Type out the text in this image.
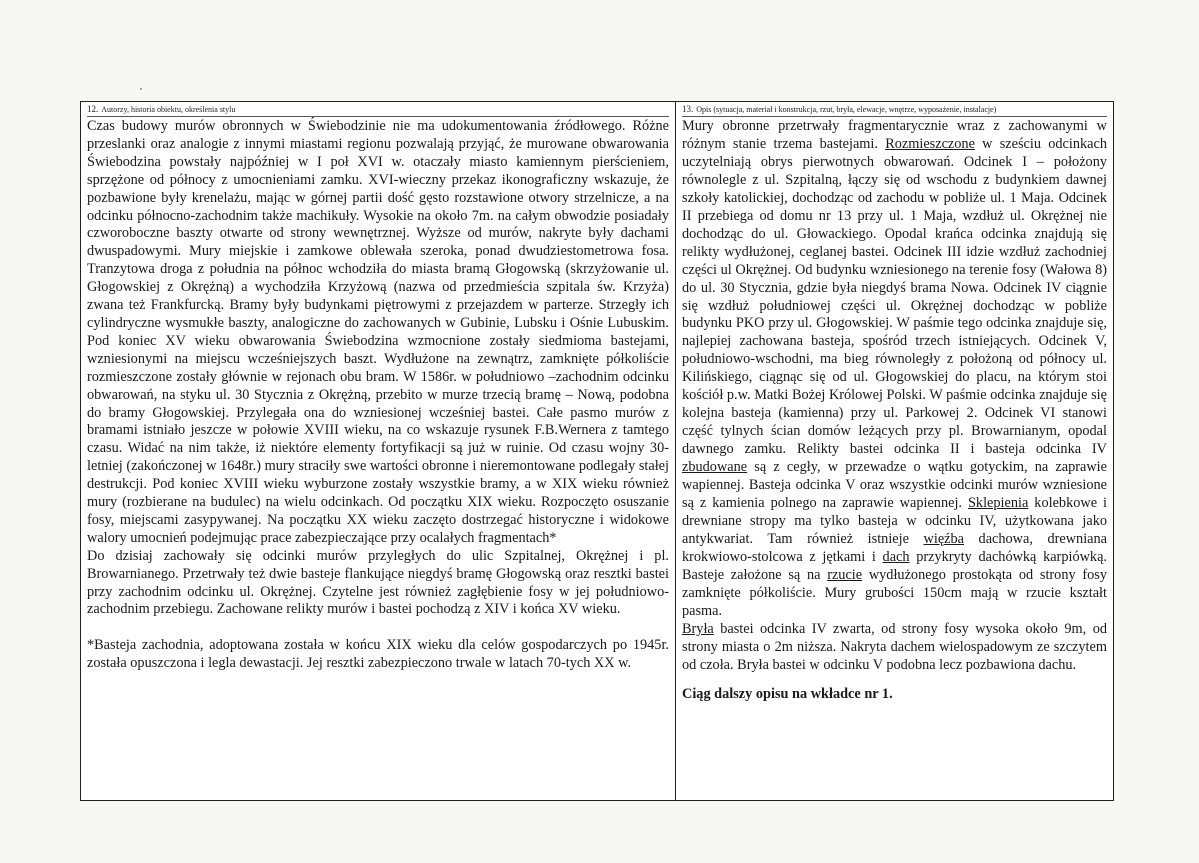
12. Autorzy, historia obiektu, określenia stylu

Czas budowy murów obronnych w Świebodzinie nie ma udokumentowania źródłowego. Różne przeslanki oraz analogie z innymi miastami regionu pozwalają przyjąć, że murowane obwarowania Świebodzina powstały najpóźniej w I poł XVI w. otaczały miasto kamiennym pierścieniem, sprzężone od północy z umocnieniami zamku. XVI-wieczny przekaz ikonograficzny wskazuje, że pozbawione były krenelażu, mając w górnej partii dość gęsto rozstawione otwory strzelnicze, a na odcinku północno-zachodnim także machikuły. Wysokie na około 7m. na całym obwodzie posiadały czworoboczne baszty otwarte od strony wewnętrznej. Wyższe od murów, nakryte były dachami dwuspadowymi. Mury miejskie i zamkowe oblewała szeroka, ponad dwudziestometrowa fosa. Tranzytowa droga z południa na północ wchodziła do miasta bramą Głogowską (skrzyżowanie ul. Głogowskiej z Okrężną) a wychodziła Krzyżową (nazwa od przedmieścia szpitala św. Krzyża) zwana też Frankfurcką. Bramy były budynkami piętrowymi z przejazdem w parterze. Strzegły ich cylindryczne wysmukłe baszty, analogiczne do zachowanych w Gubinie, Lubsku i Ośnie Lubuskim. Pod koniec XV wieku obwarowania Świebodzina wzmocnione zostały siedmioma bastejami, wzniesionymi na miejscu wcześniejszych baszt. Wydłużone na zewnątrz, zamknięte półkoliście rozmieszczone zostały głównie w rejonach obu bram. W 1586r. w południowo –zachodnim odcinku obwarowań, na styku ul. 30 Stycznia z Okrężną, przebito w murze trzecią bramę – Nową, podobna do bramy Głogowskiej. Przylegała ona do wzniesionej wcześniej bastei. Całe pasmo murów z bramami istniało jeszcze w połowie XVIII wieku, na co wskazuje rysunek F.B.Wernera z tamtego czasu. Widać na nim także, iż niektóre elementy fortyfikacji są już w ruinie. Od czasu wojny 30-letniej (zakończonej w 1648r.) mury straciły swe wartości obronne i nieremontowane podlegały stałej destrukcji. Pod koniec XVIII wieku wyburzone zostały wszystkie bramy, a w XIX wieku również mury (rozbierane na budulec) na wielu odcinkach. Od początku XIX wieku. Rozpoczęto osuszanie fosy, miejscami zasypywanej. Na początku XX wieku zaczęto dostrzegać historyczne i widokowe walory umocnień podejmując prace zabezpieczające przy ocalałych fragmentach*

Do dzisiaj zachowały się odcinki murów przyległych do ulic Szpitalnej, Okrężnej i pl. Browarnianego. Przetrwały też dwie basteje flankujące niegdyś bramę Głogowską oraz resztki bastei przy zachodnim odcinku ul. Okrężnej. Czytelne jest również zagłębienie fosy w jej południowo-zachodnim przebiegu. Zachowane relikty murów i bastei pochodzą z XIV i końca XV wieku.

*Basteja zachodnia, adoptowana została w końcu XIX wieku dla celów gospodarczych po 1945r. została opuszczona i legla dewastacji. Jej resztki zabezpieczono trwale w latach 70-tych XX w.

13. Opis (sytuacja, materiał i konstrukcja, rzut, bryła, elewacje, wnętrze, wyposażenie, instalacje)

Mury obronne przetrwały fragmentarycznie wraz z zachowanymi w różnym stanie trzema bastejami. Rozmieszczone w sześciu odcinkach uczytelniają obrys pierwotnych obwarowań. Odcinek I – położony równolegle z ul. Szpitalną, łączy się od wschodu z budynkiem dawnej szkoły katolickiej, dochodząc od zachodu w pobliże ul. 1 Maja. Odcinek II przebiega od domu nr 13 przy ul. 1 Maja, wzdłuż ul. Okrężnej nie dochodząc do ul. Głowackiego. Opodal krańca odcinka znajdują się relikty wydłużonej, ceglanej bastei. Odcinek III idzie wzdłuż zachodniej części ul Okrężnej. Od budynku wzniesionego na terenie fosy (Wałowa 8) do ul. 30 Stycznia, gdzie była niegdyś brama Nowa. Odcinek IV ciągnie się wzdłuż południowej części ul. Okrężnej dochodząc w pobliże budynku PKO przy ul. Głogowskiej. W paśmie tego odcinka znajduje się, najlepiej zachowana basteja, spośród trzech istniejących. Odcinek V, południowo-wschodni, ma bieg równoległy z położoną od północy ul. Kilińskiego, ciągnąc się od ul. Głogowskiej do placu, na którym stoi kościół p.w. Matki Bożej Królowej Polski. W paśmie odcinka znajduje się kolejna basteja (kamienna) przy ul. Parkowej 2. Odcinek VI stanowi część tylnych ścian domów leżących przy pl. Browarnianym, opodal dawnego zamku. Relikty bastei odcinka II i basteja odcinka IV zbudowane są z cegły, w przewadze o wątku gotyckim, na zaprawie wapiennej. Basteja odcinka V oraz wszystkie odcinki murów wzniesione są z kamienia polnego na zaprawie wapiennej. Sklepienia kolebkowe i drewniane stropy ma tylko basteja w odcinku IV, użytkowana jako antykwariat. Tam również istnieje więźba dachowa, drewniana krokwiowo-stolcowa z jętkami i dach przykryty dachówką karpiówką. Basteje założone są na rzucie wydłużonego prostokąta od strony fosy zamknięte półkoliście. Mury grubości 150cm mają w rzucie kształt pasma.
Bryła bastei odcinka IV zwarta, od strony fosy wysoka około 9m, od strony miasta o 2m niższa. Nakryta dachem wielospadowym ze szczytem od czoła. Bryła bastei w odcinku V podobna lecz pozbawiona dachu.

Ciąg dalszy opisu na wkładce nr 1.
